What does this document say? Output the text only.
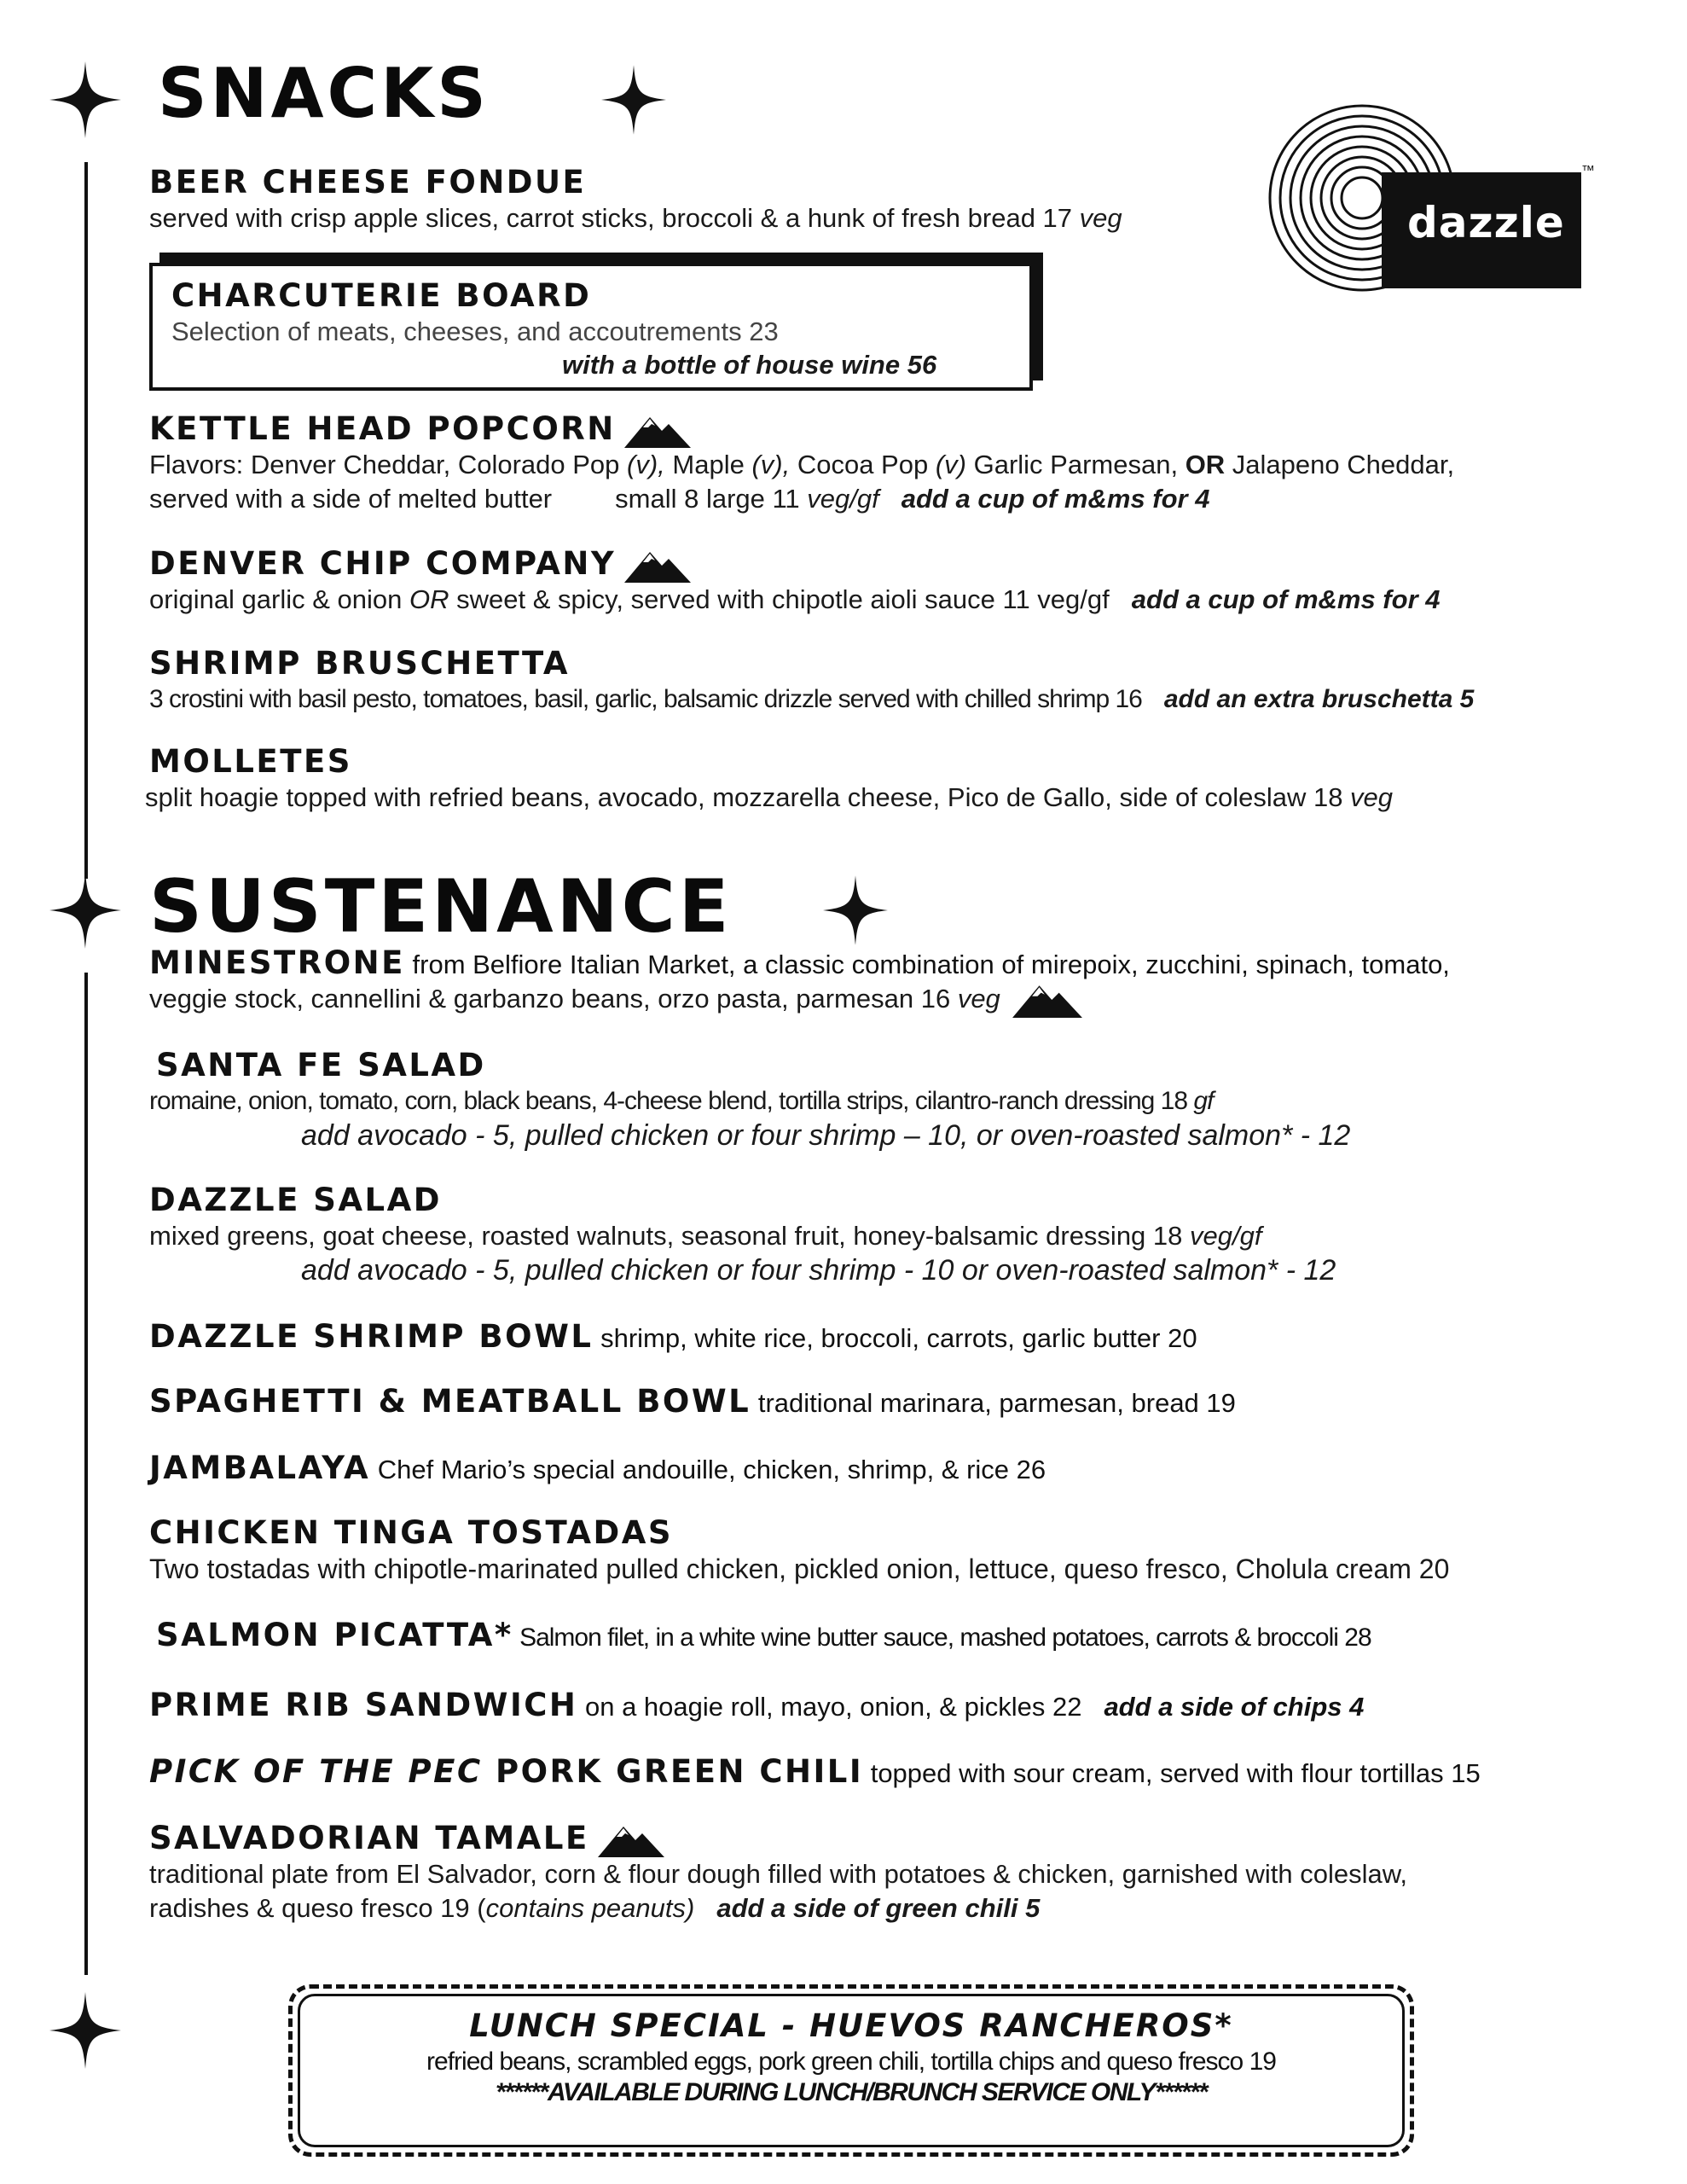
SNACKS
SUSTENANCE
dazzle
™
BEER CHEESE FONDUE
served with crisp apple slices, carrot sticks, broccoli & a hunk of fresh bread 17 veg
CHARCUTERIE BOARD
Selection of meats, cheeses, and accoutrements 23
with a bottle of house wine 56
KETTLE HEAD POPCORN
Flavors: Denver Cheddar, Colorado Pop (v), Maple (v), Cocoa Pop (v) Garlic Parmesan, OR Jalapeno Cheddar,
served with a side of melted butter small 8 large 11 veg/gf add a cup of m&ms for 4
DENVER CHIP COMPANY
original garlic & onion OR sweet & spicy, served with chipotle aioli sauce 11 veg/gf add a cup of m&ms for 4
SHRIMP BRUSCHETTA
3 crostini with basil pesto, tomatoes, basil, garlic, balsamic drizzle served with chilled shrimp 16 add an extra bruschetta 5
MOLLETES
split hoagie topped with refried beans, avocado, mozzarella cheese, Pico de Gallo, side of coleslaw 18 veg
MINESTRONE from Belfiore Italian Market, a classic combination of mirepoix, zucchini, spinach, tomato,
veggie stock, cannellini & garbanzo beans, orzo pasta, parmesan 16 veg
SANTA FE SALAD
romaine, onion, tomato, corn, black beans, 4-cheese blend, tortilla strips, cilantro-ranch dressing 18 gf
add avocado - 5, pulled chicken or four shrimp – 10, or oven-roasted salmon* - 12
DAZZLE SALAD
mixed greens, goat cheese, roasted walnuts, seasonal fruit, honey-balsamic dressing 18 veg/gf
add avocado - 5, pulled chicken or four shrimp - 10 or oven-roasted salmon* - 12
DAZZLE SHRIMP BOWL shrimp, white rice, broccoli, carrots, garlic butter 20
SPAGHETTI & MEATBALL BOWL traditional marinara, parmesan, bread 19
JAMBALAYA Chef Mario’s special andouille, chicken, shrimp, & rice 26
CHICKEN TINGA TOSTADAS
Two tostadas with chipotle-marinated pulled chicken, pickled onion, lettuce, queso fresco, Cholula cream 20
SALMON PICATTA* Salmon filet, in a white wine butter sauce, mashed potatoes, carrots & broccoli 28
PRIME RIB SANDWICH on a hoagie roll, mayo, onion, & pickles 22 add a side of chips 4
PICK OF THE PEC PORK GREEN CHILI topped with sour cream, served with flour tortillas 15
SALVADORIAN TAMALE
traditional plate from El Salvador, corn & flour dough filled with potatoes & chicken, garnished with coleslaw,
radishes & queso fresco 19 (contains peanuts) add a side of green chili 5
LUNCH SPECIAL - HUEVOS RANCHEROS*
refried beans, scrambled eggs, pork green chili, tortilla chips and queso fresco 19
******AVAILABLE DURING LUNCH/BRUNCH SERVICE ONLY******
